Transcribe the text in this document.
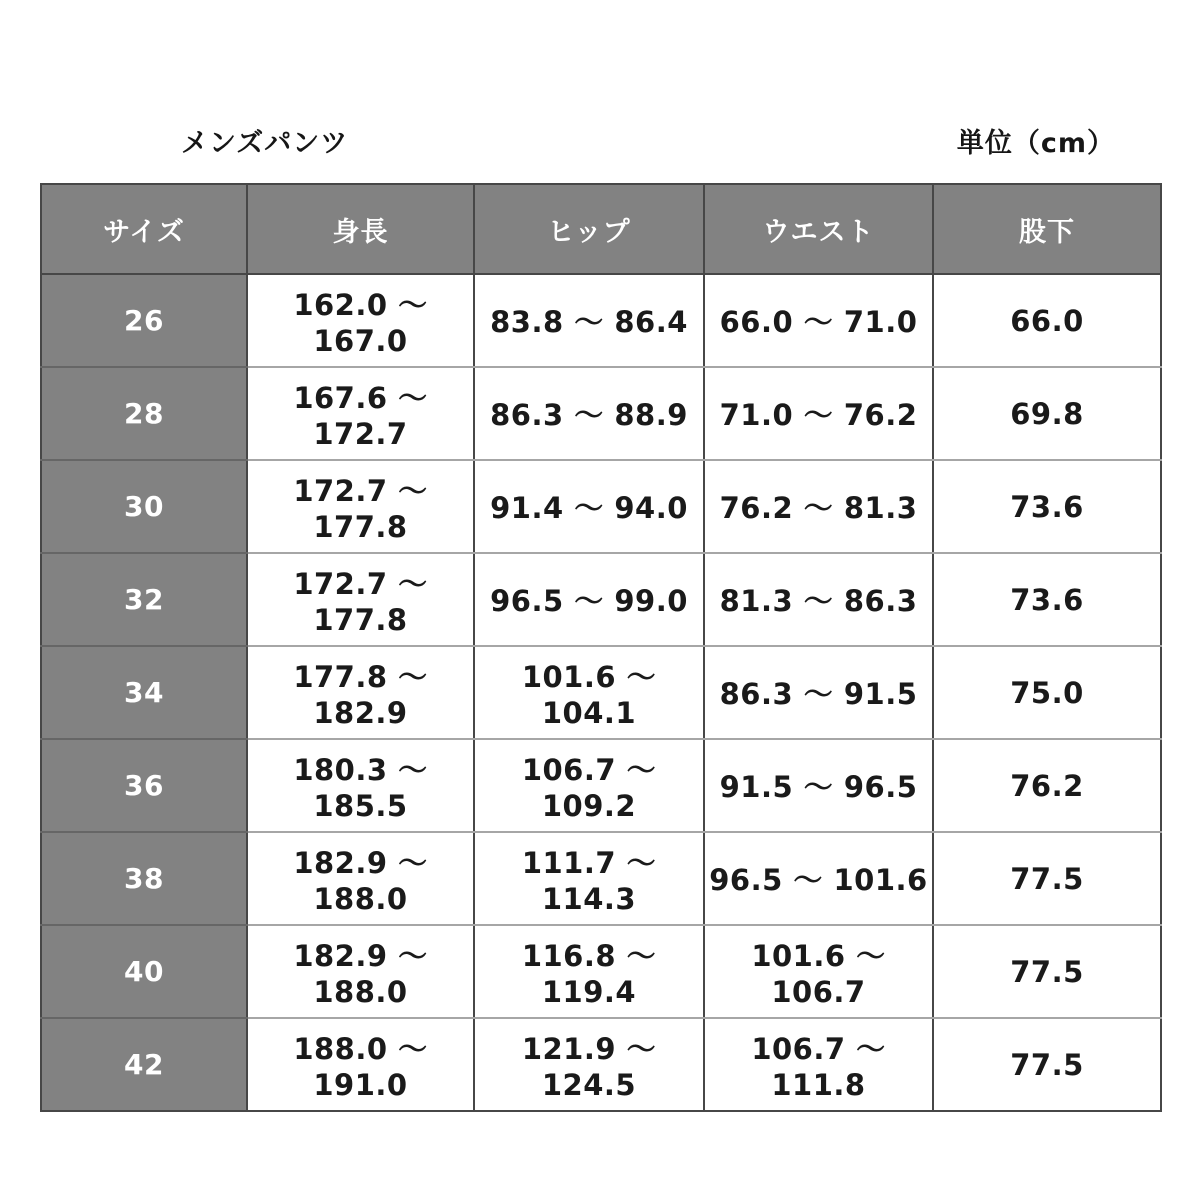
メンズパンツ	単位（cm）
サイズ	身長	ヒップ	ウエスト	股下
26	162.0 ～ 167.0	83.8 ～ 86.4	66.0 ～ 71.0	66.0
28	167.6 ～ 172.7	86.3 ～ 88.9	71.0 ～ 76.2	69.8
30	172.7 ～ 177.8	91.4 ～ 94.0	76.2 ～ 81.3	73.6
32	172.7 ～ 177.8	96.5 ～ 99.0	81.3 ～ 86.3	73.6
34	177.8 ～ 182.9	101.6 ～ 104.1	86.3 ～ 91.5	75.0
36	180.3 ～ 185.5	106.7 ～ 109.2	91.5 ～ 96.5	76.2
38	182.9 ～ 188.0	111.7 ～ 114.3	96.5 ～ 101.6	77.5
40	182.9 ～ 188.0	116.8 ～ 119.4	101.6 ～ 106.7	77.5
42	188.0 ～ 191.0	121.9 ～ 124.5	106.7 ～ 111.8	77.5
